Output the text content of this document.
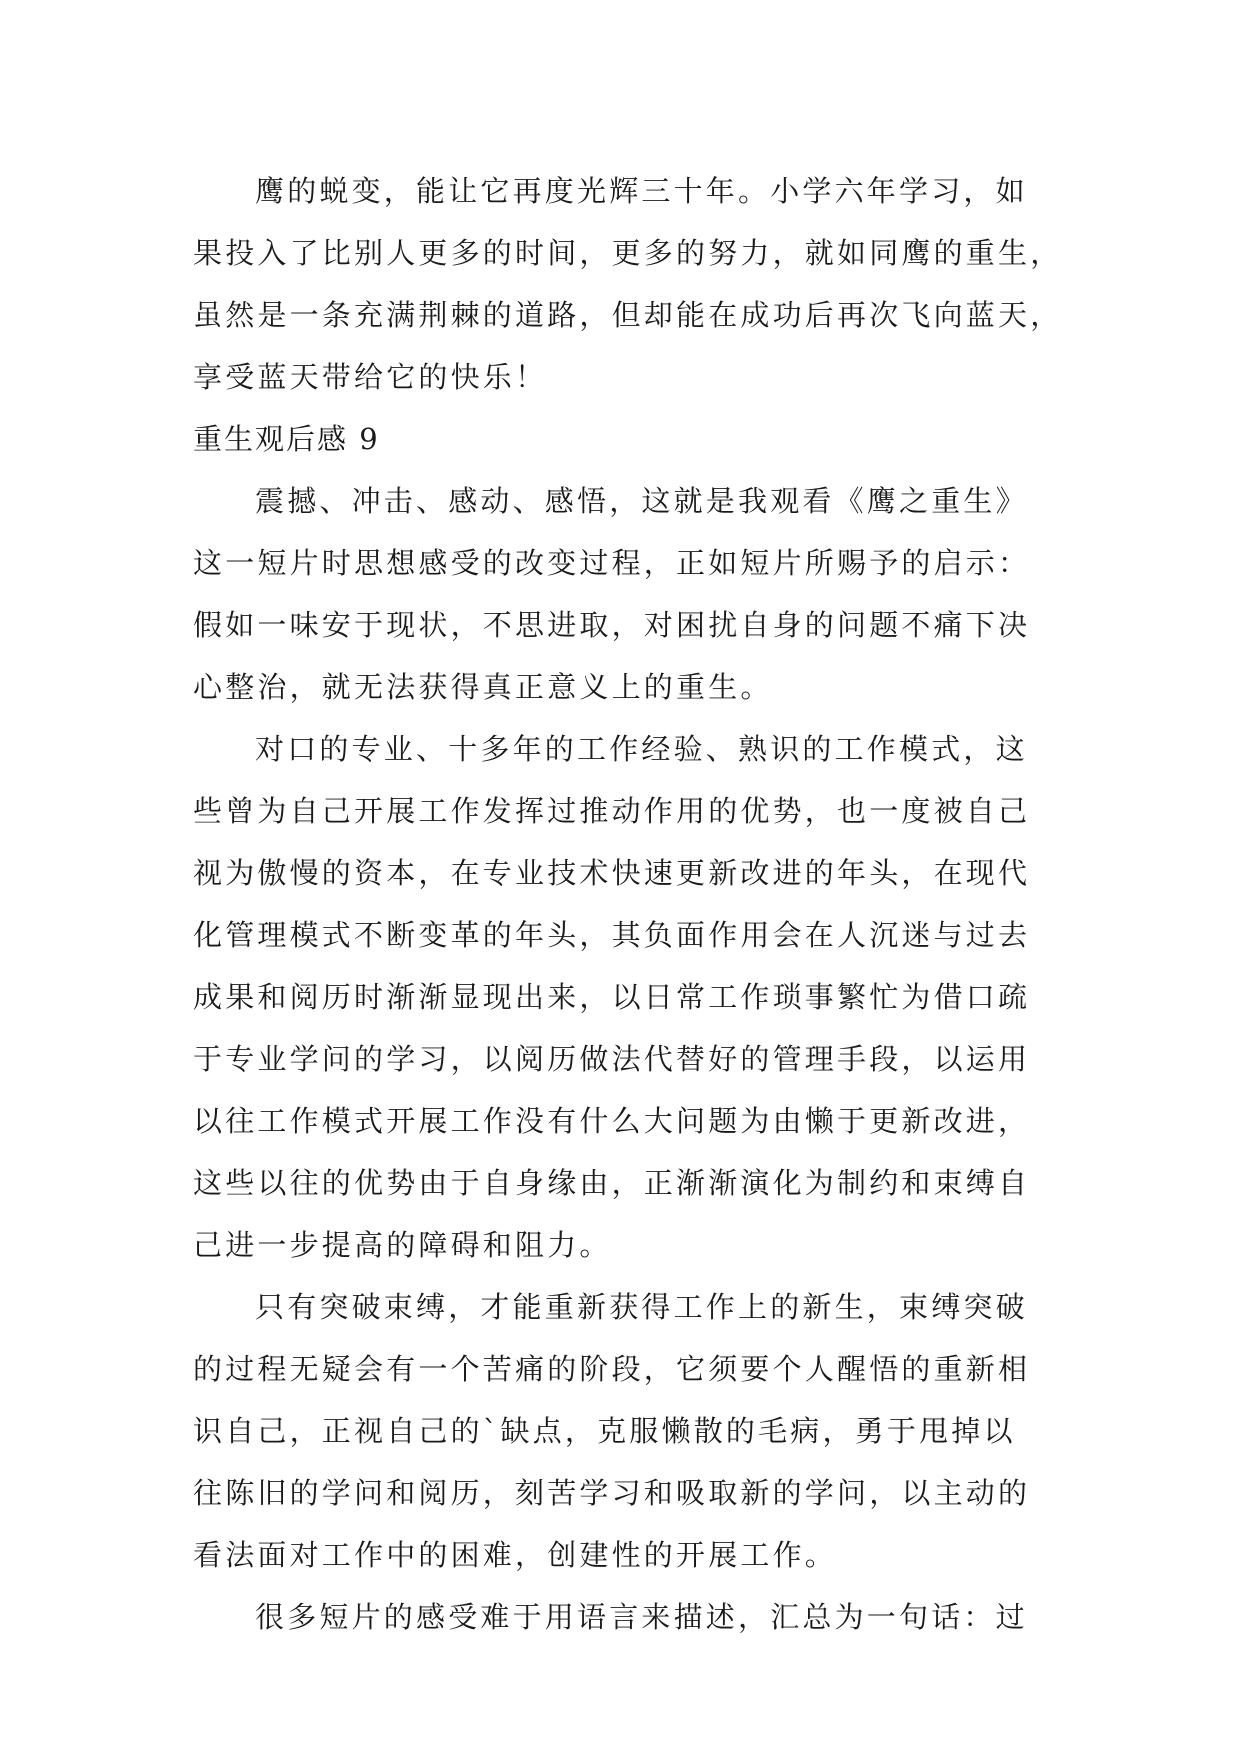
鹰的蜕变，能让它再度光辉三十年。小学六年学习，如
果投入了比别人更多的时间，更多的努力，就如同鹰的重生，
虽然是一条充满荆棘的道路，但却能在成功后再次飞向蓝天，
享受蓝天带给它的快乐！
重生观后感 9
震撼、冲击、感动、感悟，这就是我观看《鹰之重生》
这一短片时思想感受的改变过程，正如短片所赐予的启示：
假如一味安于现状，不思进取，对困扰自身的问题不痛下决
心整治，就无法获得真正意义上的重生。
对口的专业、十多年的工作经验、熟识的工作模式，这
些曾为自己开展工作发挥过推动作用的优势，也一度被自己
视为傲慢的资本，在专业技术快速更新改进的年头，在现代
化管理模式不断变革的年头，其负面作用会在人沉迷与过去
成果和阅历时渐渐显现出来，以日常工作琐事繁忙为借口疏
于专业学问的学习，以阅历做法代替好的管理手段，以运用
以往工作模式开展工作没有什么大问题为由懒于更新改进，
这些以往的优势由于自身缘由，正渐渐演化为制约和束缚自
己进一步提高的障碍和阻力。
只有突破束缚，才能重新获得工作上的新生，束缚突破
的过程无疑会有一个苦痛的阶段，它须要个人醒悟的重新相
识自己，正视自己的`缺点，克服懒散的毛病，勇于甩掉以
往陈旧的学问和阅历，刻苦学习和吸取新的学问，以主动的
看法面对工作中的困难，创建性的开展工作。
很多短片的感受难于用语言来描述，汇总为一句话：过
